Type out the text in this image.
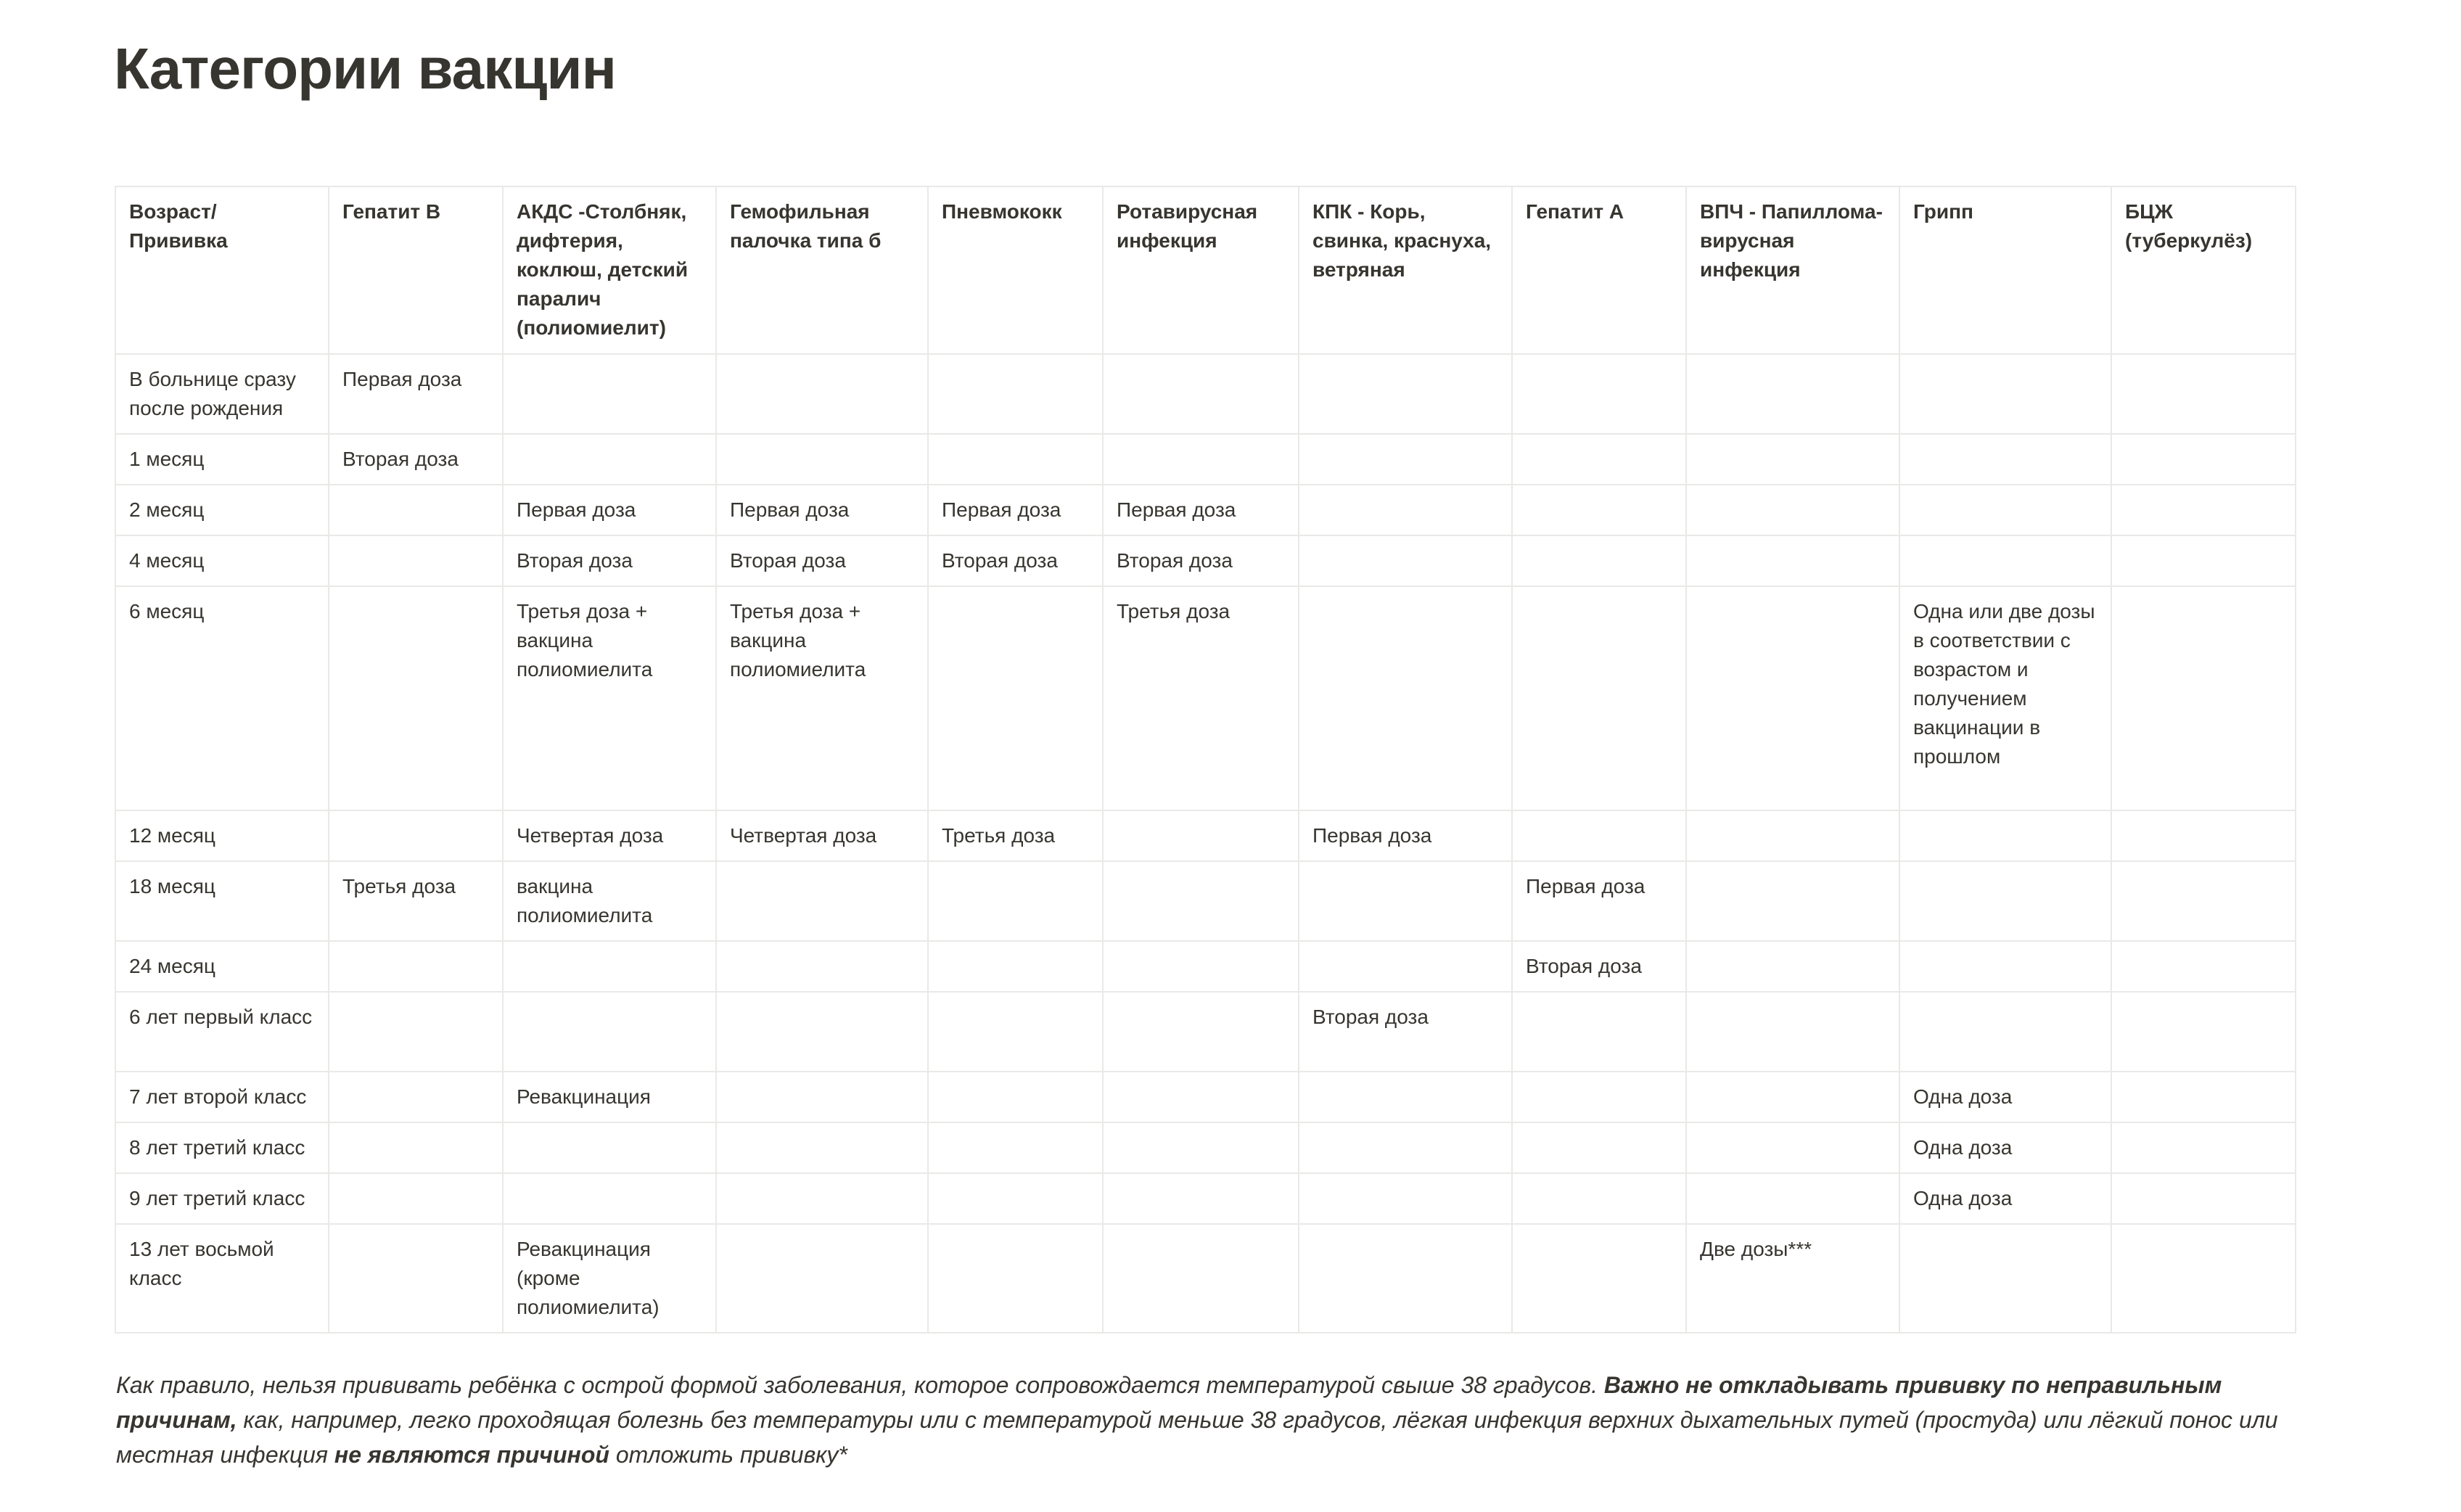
Категории вакцин
Возраст/ Прививка	Гепатит B	АКДС -Столбняк, дифтерия, коклюш, детский паралич (полиомиелит)	Гемофильная палочка типа б	Пневмококк	Ротавирусная инфекция	КПК - Корь, свинка, краснуха, ветряная	Гепатит А	ВПЧ - Папиллома-вирусная инфекция	Грипп	БЦЖ (туберкулёз)
В больнице сразу после рождения	Первая доза									
1 месяц	Вторая доза									
2 месяц		Первая доза	Первая доза	Первая доза	Первая доза					
4 месяц		Вторая доза	Вторая доза	Вторая доза	Вторая доза					
6 месяц		Третья доза + вакцина полиомиелита	Третья доза + вакцина полиомиелита		Третья доза				Одна или две дозы в соответствии с возрастом и получением вакцинации в прошлом	
12 месяц		Четвертая доза	Четвертая доза	Третья доза		Первая доза				
18 месяц	Третья доза	вакцина полиомиелита					Первая доза			
24 месяц							Вторая доза			
6 лет первый класс						Вторая доза				
7 лет второй класс		Ревакцинация							Одна доза	
8 лет третий класс									Одна доза	
9 лет третий класс									Одна доза	
13 лет восьмой класс		Ревакцинация (кроме полиомиелита)						Две дозы***		

Как правило, нельзя прививать ребёнка с острой формой заболевания, которое сопровождается температурой свыше 38 градусов. Важно не откладывать прививку по неправильным причинам, как, например, легко проходящая болезнь без температуры или с температурой меньше 38 градусов, лёгкая инфекция верхних дыхательных путей (простуда) или лёгкий понос или местная инфекция не являются причиной отложить прививку*
